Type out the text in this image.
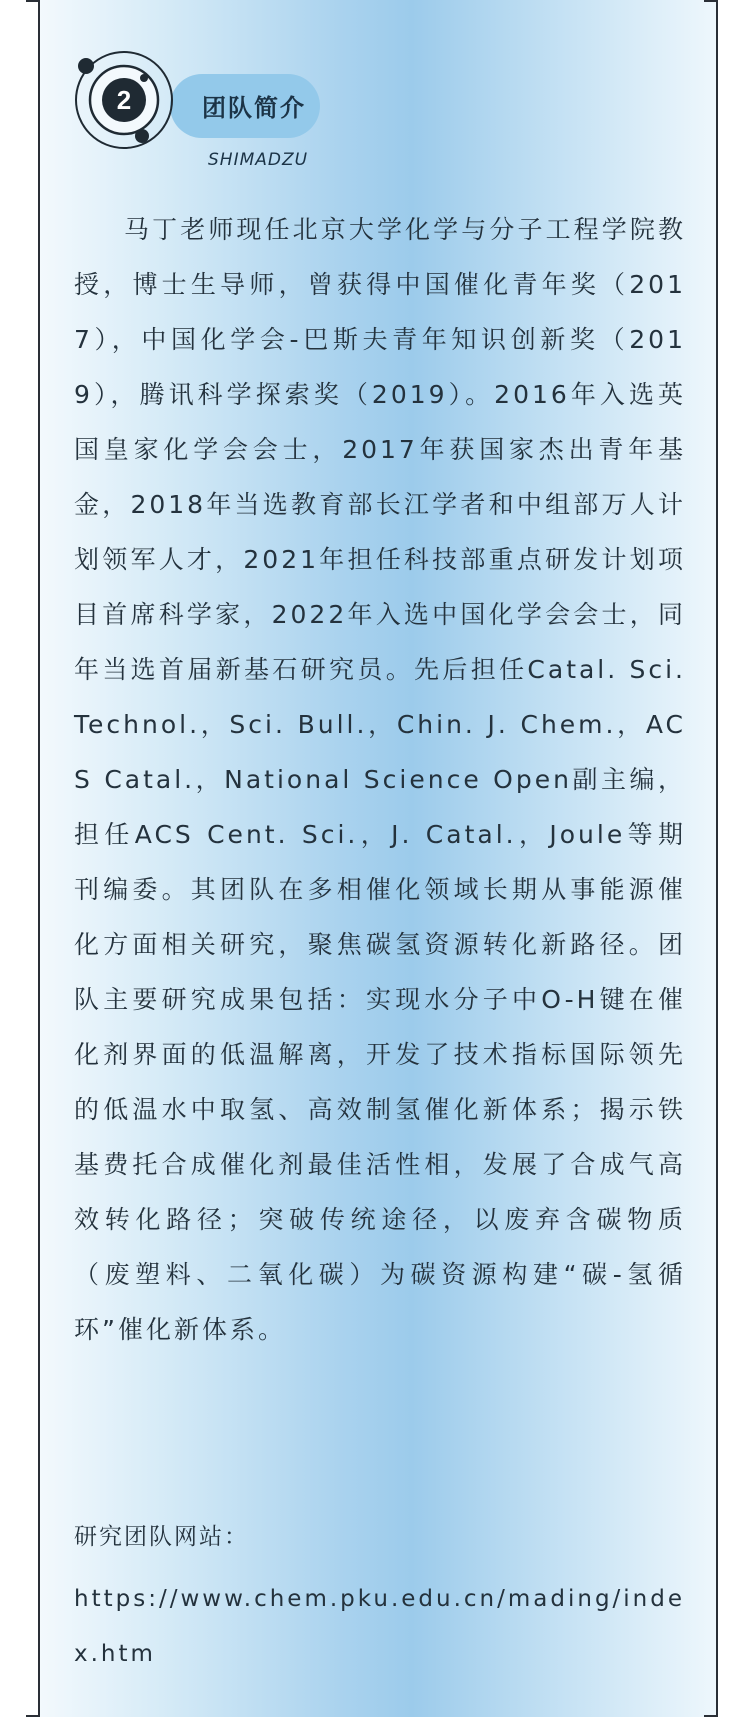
2	团队简介
SHIMADZU
马丁老师现任北京大学化学与分子工程学院教授，博士生导师，曾获得中国催化青年奖（2017），中国化学会-巴斯夫青年知识创新奖（2019），腾讯科学探索奖（2019）。2016年入选英国皇家化学会会士，2017年获国家杰出青年基金，2018年当选教育部长江学者和中组部万人计划领军人才，2021年担任科技部重点研发计划项目首席科学家，2022年入选中国化学会会士，同年当选首届新基石研究员。先后担任Catal. Sci. Technol.，Sci. Bull.，Chin. J. Chem.，ACS Catal.，National Science Open副主编，担任ACS Cent. Sci.，J. Catal.，Joule等期刊编委。其团队在多相催化领域长期从事能源催化方面相关研究，聚焦碳氢资源转化新路径。团队主要研究成果包括：实现水分子中O-H键在催化剂界面的低温解离，开发了技术指标国际领先的低温水中取氢、高效制氢催化新体系；揭示铁基费托合成催化剂最佳活性相，发展了合成气高效转化路径；突破传统途径，以废弃含碳物质（废塑料、二氧化碳）为碳资源构建“碳-氢循环”催化新体系。
研究团队网站：
https://www.chem.pku.edu.cn/mading/index.htm
